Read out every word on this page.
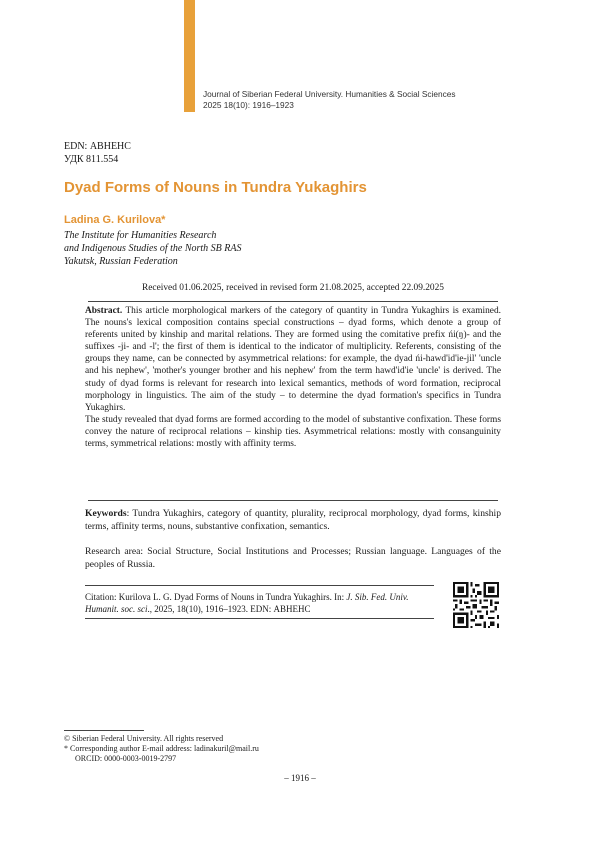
Journal of Siberian Federal University. Humanities & Social Sciences
2025 18(10): 1916–1923
EDN: АВНЕНС
УДК 811.554
Dyad Forms of Nouns in Tundra Yukaghirs
Ladina G. Kurilova*
The Institute for Humanities Research
and Indigenous Studies of the North SB RAS
Yakutsk, Russian Federation
Received 01.06.2025, received in revised form 21.08.2025, accepted 22.09.2025

Abstract. This article morphological markers of the category of quantity in Tundra Yukaghirs is examined. The nouns's lexical composition contains special constructions – dyad forms, which denote a group of referents united by kinship and marital relations. They are formed using the comitative prefix ńi(ŋ)- and the suffixes -ji- and -l'; the first of them is identical to the indicator of multiplicity. Referents, consisting of the groups they name, can be connected by asymmetrical relations: for example, the dyad ńi-hawd'id'ie-jil' 'uncle and his nephew', 'mother's younger brother and his nephew' from the term hawd'id'ie 'uncle' is derived. The study of dyad forms is relevant for research into lexical semantics, methods of word formation, reciprocal morphology in linguistics. The aim of the study – to determine the dyad formation's specifics in Tundra Yukaghirs.

The study revealed that dyad forms are formed according to the model of substantive confixation. These forms convey the nature of reciprocal relations – kinship ties. Asymmetrical relations: mostly with consanguinity terms, symmetrical relations: mostly with affinity terms.

Keywords: Tundra Yukaghirs, category of quantity, plurality, reciprocal morphology, dyad forms, kinship terms, affinity terms, nouns, substantive confixation, semantics.
Research area: Social Structure, Social Institutions and Processes; Russian language. Languages of the peoples of Russia.
Citation: Kurilova L. G. Dyad Forms of Nouns in Tundra Yukaghirs. In: J. Sib. Fed. Univ. Humanit. soc. sci., 2025, 18(10), 1916–1923. EDN: АВНЕНС
© Siberian Federal University. All rights reserved
* Corresponding author E-mail address: ladinakuril@mail.ru
ORCID: 0000-0003-0019-2797
– 1916 –
